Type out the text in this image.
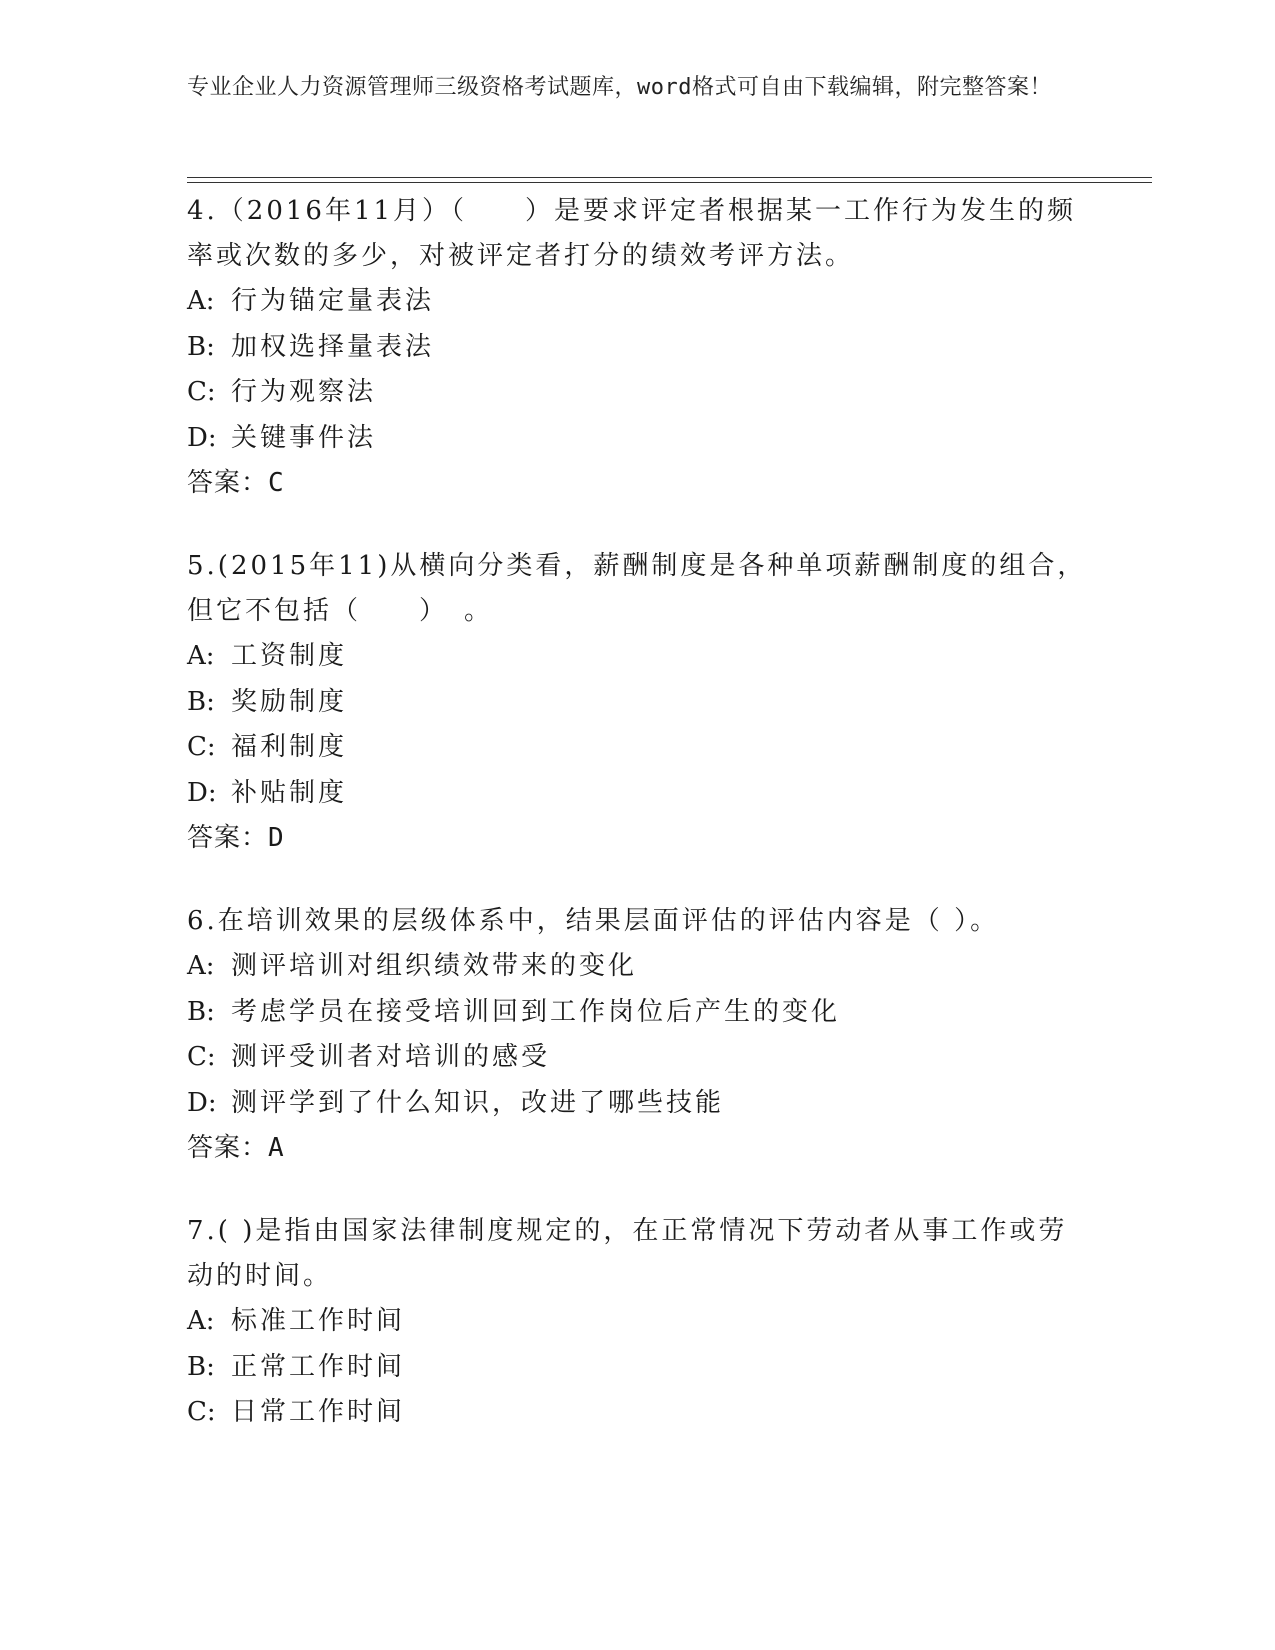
专业企业人力资源管理师三级资格考试题库，word格式可自由下载编辑，附完整答案！

4.（2016年11月）（　　）是要求评定者根据某一工作行为发生的频率或次数的多少，对被评定者打分的绩效考评方法。

A: 行为锚定量表法

B: 加权选择量表法

C: 行为观察法

D: 关键事件法

答案：C

5.(2015年11)从横向分类看，薪酬制度是各种单项薪酬制度的组合，但它不包括（　　）　。

A: 工资制度

B: 奖励制度

C: 福利制度

D: 补贴制度

答案：D

6.在培训效果的层级体系中，结果层面评估的评估内容是（ ）。

A: 测评培训对组织绩效带来的变化

B: 考虑学员在接受培训回到工作岗位后产生的变化

C: 测评受训者对培训的感受

D: 测评学到了什么知识，改进了哪些技能

答案：A

7.( )是指由国家法律制度规定的，在正常情况下劳动者从事工作或劳动的时间。

A: 标准工作时间

B: 正常工作时间

C: 日常工作时间
